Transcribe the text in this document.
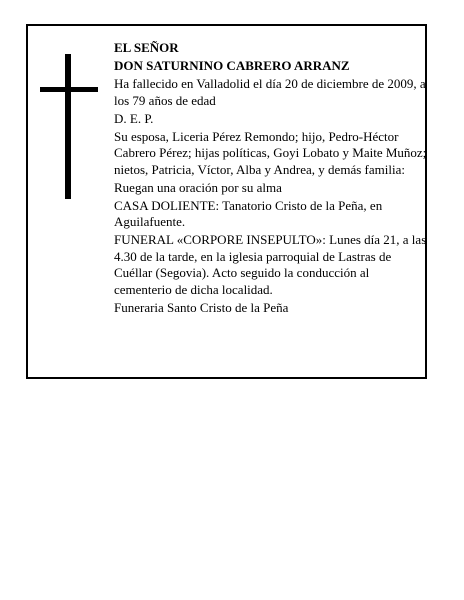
EL SEÑOR

DON SATURNINO CABRERO ARRANZ

Ha fallecido en Valladolid el día 20 de diciembre de 2009, a los 79 años de edad

D. E. P.

Su esposa, Liceria Pérez Remondo; hijo, Pedro-Héctor Cabrero Pérez; hijas políticas, Goyi Lobato y Maite Muñoz; nietos, Patricia, Víctor, Alba y Andrea, y demás familia:

Ruegan una oración por su alma

CASA DOLIENTE: Tanatorio Cristo de la Peña, en Aguilafuente.

FUNERAL «CORPORE INSEPULTO»: Lunes día 21, a las 4.30 de la tarde, en la iglesia parroquial de Lastras de Cuéllar (Segovia). Acto seguido la conducción al cementerio de dicha localidad.

Funeraria Santo Cristo de la Peña
